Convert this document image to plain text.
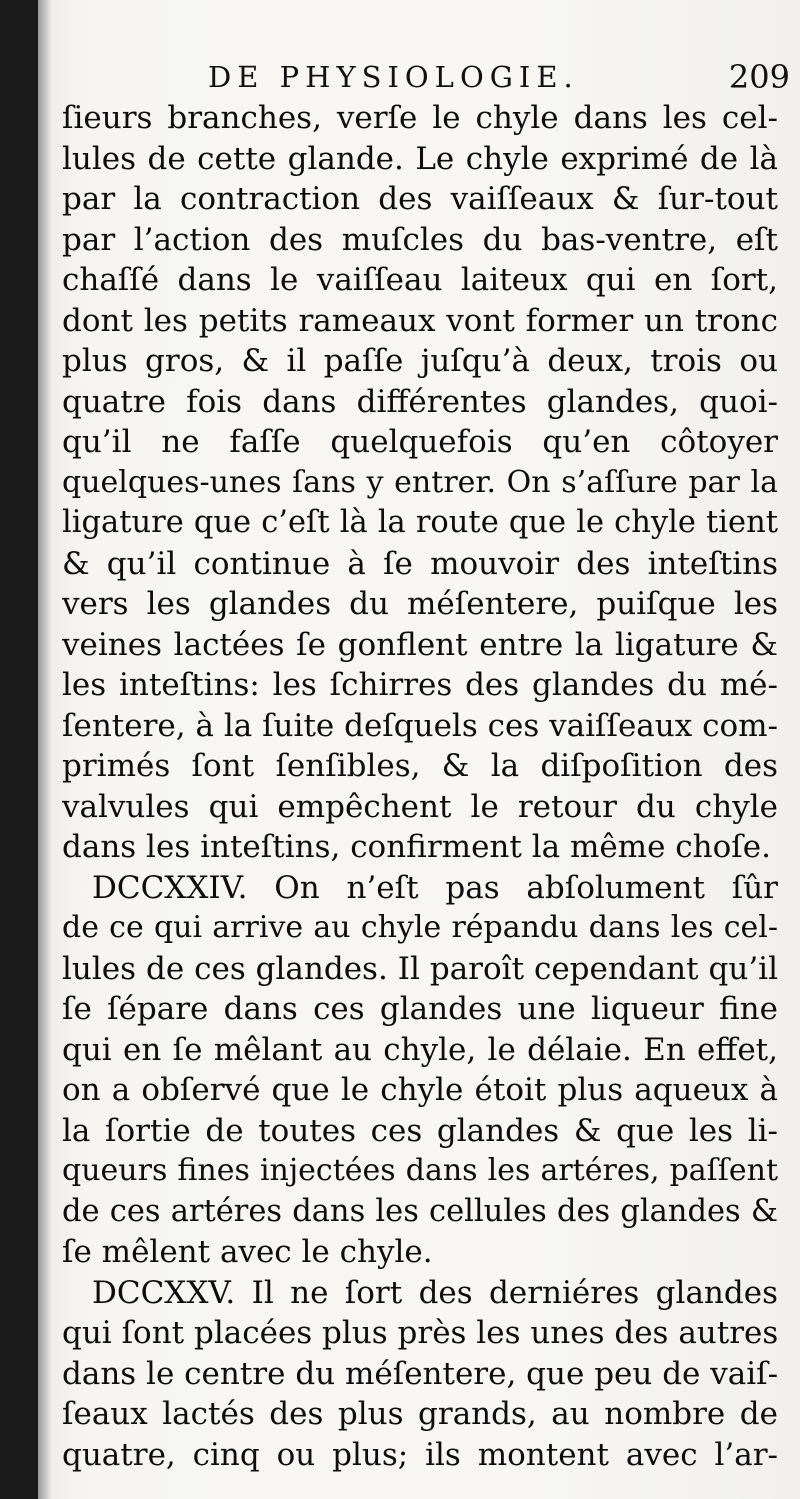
DE PHYSIOLOGIE.	209
ſieurs branches, verſe le chyle dans les cel-
lules de cette glande. Le chyle exprimé de là
par la contraction des vaiſſeaux & ſur-tout
par l’action des muſcles du bas-ventre, eſt
chaſſé dans le vaiſſeau laiteux qui en ſort,
dont les petits rameaux vont former un tronc
plus gros, & il paſſe juſqu’à deux, trois ou
quatre fois dans différentes glandes, quoi-
qu’il ne faſſe quelquefois qu’en côtoyer
quelques-unes ſans y entrer. On s’aſſure par la
ligature que c’eſt là la route que le chyle tient
& qu’il continue à ſe mouvoir des inteſtins
vers les glandes du méſentere, puiſque les
veines lactées ſe gonflent entre la ligature &
les inteſtins: les ſchirres des glandes du mé-
ſentere, à la ſuite deſquels ces vaiſſeaux com-
primés ſont ſenſibles, & la diſpoſition des
valvules qui empêchent le retour du chyle
dans les inteſtins, confirment la même choſe.
DCCXXIV. On n’eſt pas abſolument ſûr
de ce qui arrive au chyle répandu dans les cel-
lules de ces glandes. Il paroît cependant qu’il
ſe ſépare dans ces glandes une liqueur fine
qui en ſe mêlant au chyle, le délaie. En effet,
on a obſervé que le chyle étoit plus aqueux à
la ſortie de toutes ces glandes & que les li-
queurs fines injectées dans les artéres, paſſent
de ces artéres dans les cellules des glandes &
ſe mêlent avec le chyle.
DCCXXV. Il ne ſort des derniéres glandes
qui ſont placées plus près les unes des autres
dans le centre du méſentere, que peu de vaiſ-
ſeaux lactés des plus grands, au nombre de
quatre, cinq ou plus; ils montent avec l’ar-
